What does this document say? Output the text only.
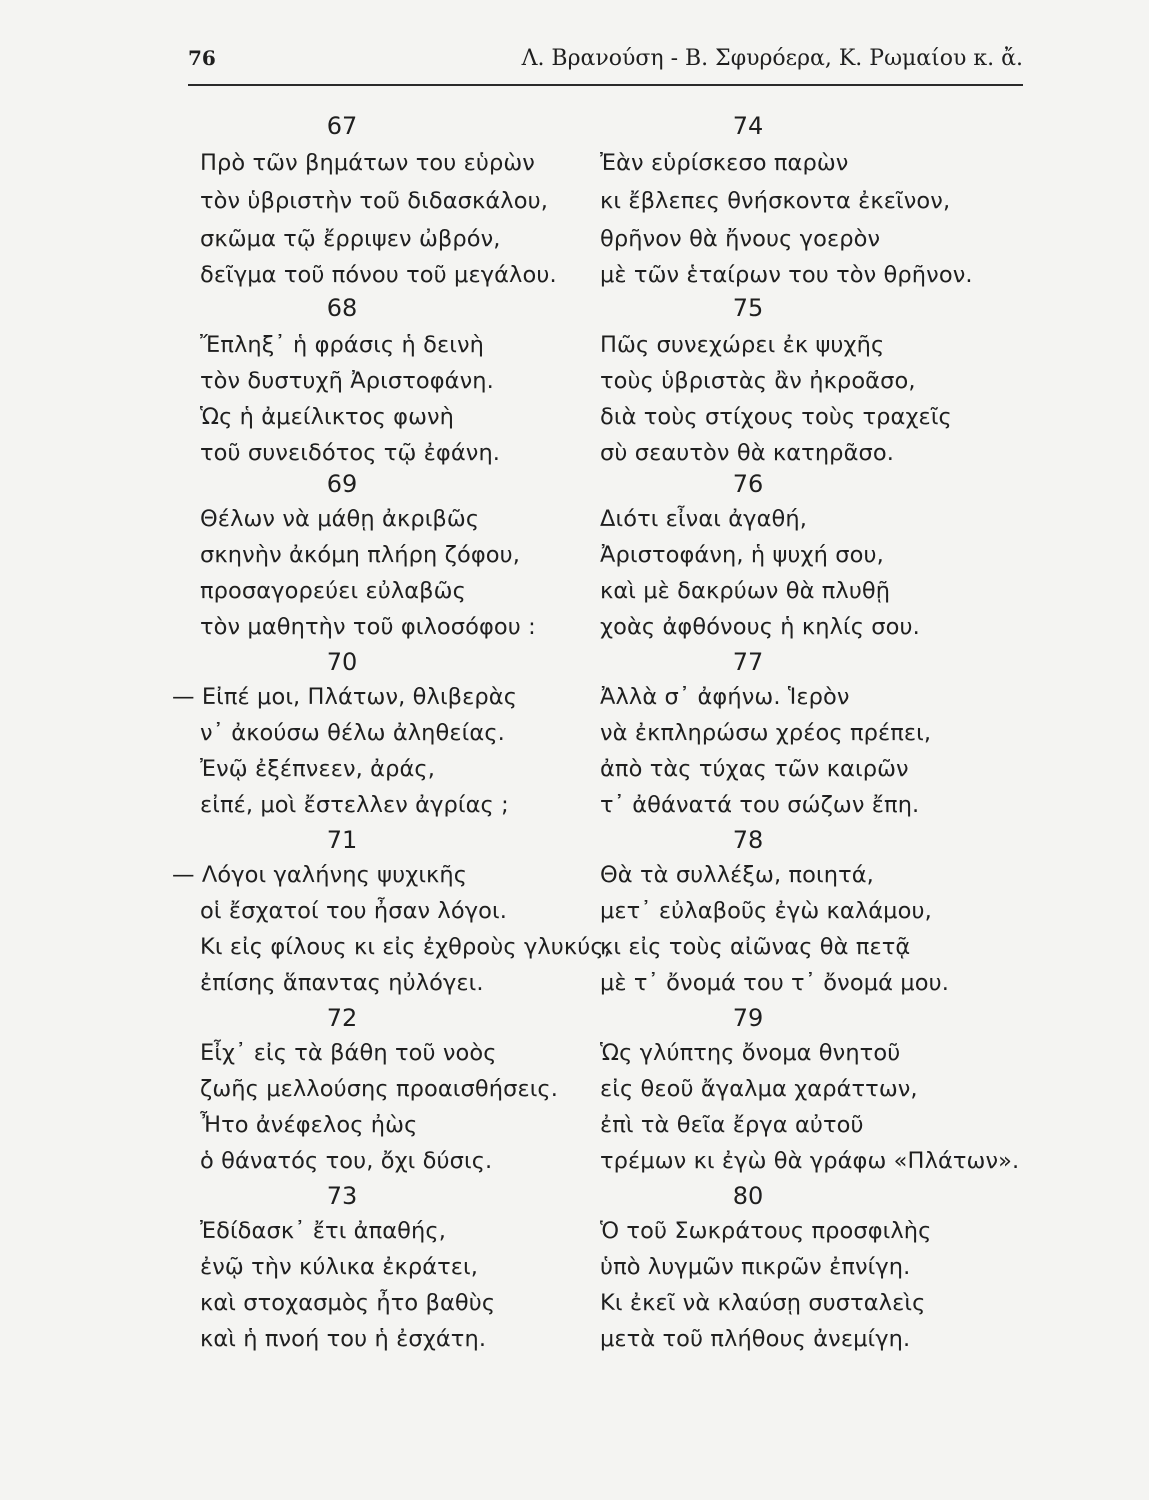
76	Λ. Βρανούση - Β. Σφυρόερα, Κ. Ρωμαίου κ. ἄ.
67
Πρὸ τῶν βημάτων του εὑρὼν
τὸν ὑβριστὴν τοῦ διδασκάλου,
σκῶμα τῷ ἔρριψεν ὠβρόν,
δεῖγμα τοῦ πόνου τοῦ μεγάλου.
68
Ἔπληξ᾽ ἡ φράσις ἡ δεινὴ
τὸν δυστυχῆ Ἀριστοφάνη.
Ὡς ἡ ἀμείλικτος φωνὴ
τοῦ συνειδότος τῷ ἐφάνη.
69
Θέλων νὰ μάθῃ ἀκριβῶς
σκηνὴν ἀκόμη πλήρη ζόφου,
προσαγορεύει εὐλαβῶς
τὸν μαθητὴν τοῦ φιλοσόφου :
70
— Εἰπέ μοι, Πλάτων, θλιβερὰς
ν᾽ ἀκούσω θέλω ἀληθείας.
Ἐνῷ ἐξέπνεεν, ἀράς,
εἰπέ, μοὶ ἔστελλεν ἀγρίας ;
71
— Λόγοι γαλήνης ψυχικῆς
οἱ ἔσχατοί του ἦσαν λόγοι.
Κι εἰς φίλους κι εἰς ἐχθροὺς γλυκύς,
ἐπίσης ἅπαντας ηὐλόγει.
72
Εἶχ᾽ εἰς τὰ βάθη τοῦ νοὸς
ζωῆς μελλούσης προαισθήσεις.
Ἦτο ἀνέφελος ἠὼς
ὁ θάνατός του, ὄχι δύσις.
73
Ἐδίδασκ᾽ ἔτι ἀπαθής,
ἐνῷ τὴν κύλικα ἐκράτει,
καὶ στοχασμὸς ἦτο βαθὺς
καὶ ἡ πνοή του ἡ ἐσχάτη.
74
Ἐὰν εὑρίσκεσο παρὼν
κι ἔβλεπες θνήσκοντα ἐκεῖνον,
θρῆνον θὰ ἤνους γοερὸν
μὲ τῶν ἑταίρων του τὸν θρῆνον.
75
Πῶς συνεχώρει ἐκ ψυχῆς
τοὺς ὑβριστὰς ἂν ἠκροᾶσο,
διὰ τοὺς στίχους τοὺς τραχεῖς
σὺ σεαυτὸν θὰ κατηρᾶσο.
76
Διότι εἶναι ἀγαθή,
Ἀριστοφάνη, ἡ ψυχή σου,
καὶ μὲ δακρύων θὰ πλυθῇ
χοὰς ἀφθόνους ἡ κηλίς σου.
77
Ἀλλὰ σ᾽ ἀφήνω. Ἱερὸν
νὰ ἐκπληρώσω χρέος πρέπει,
ἀπὸ τὰς τύχας τῶν καιρῶν
τ᾽ ἀθάνατά του σώζων ἔπη.
78
Θὰ τὰ συλλέξω, ποιητά,
μετ᾽ εὐλαβοῦς ἐγὼ καλάμου,
κι εἰς τοὺς αἰῶνας θὰ πετᾷ
μὲ τ᾽ ὄνομά του τ᾽ ὄνομά μου.
79
Ὡς γλύπτης ὄνομα θνητοῦ
εἰς θεοῦ ἄγαλμα χαράττων,
ἐπὶ τὰ θεῖα ἔργα αὐτοῦ
τρέμων κι ἐγὼ θὰ γράφω «Πλάτων».
80
Ὁ τοῦ Σωκράτους προσφιλὴς
ὑπὸ λυγμῶν πικρῶν ἐπνίγη.
Κι ἐκεῖ νὰ κλαύσῃ συσταλεὶς
μετὰ τοῦ πλήθους ἀνεμίγη.
